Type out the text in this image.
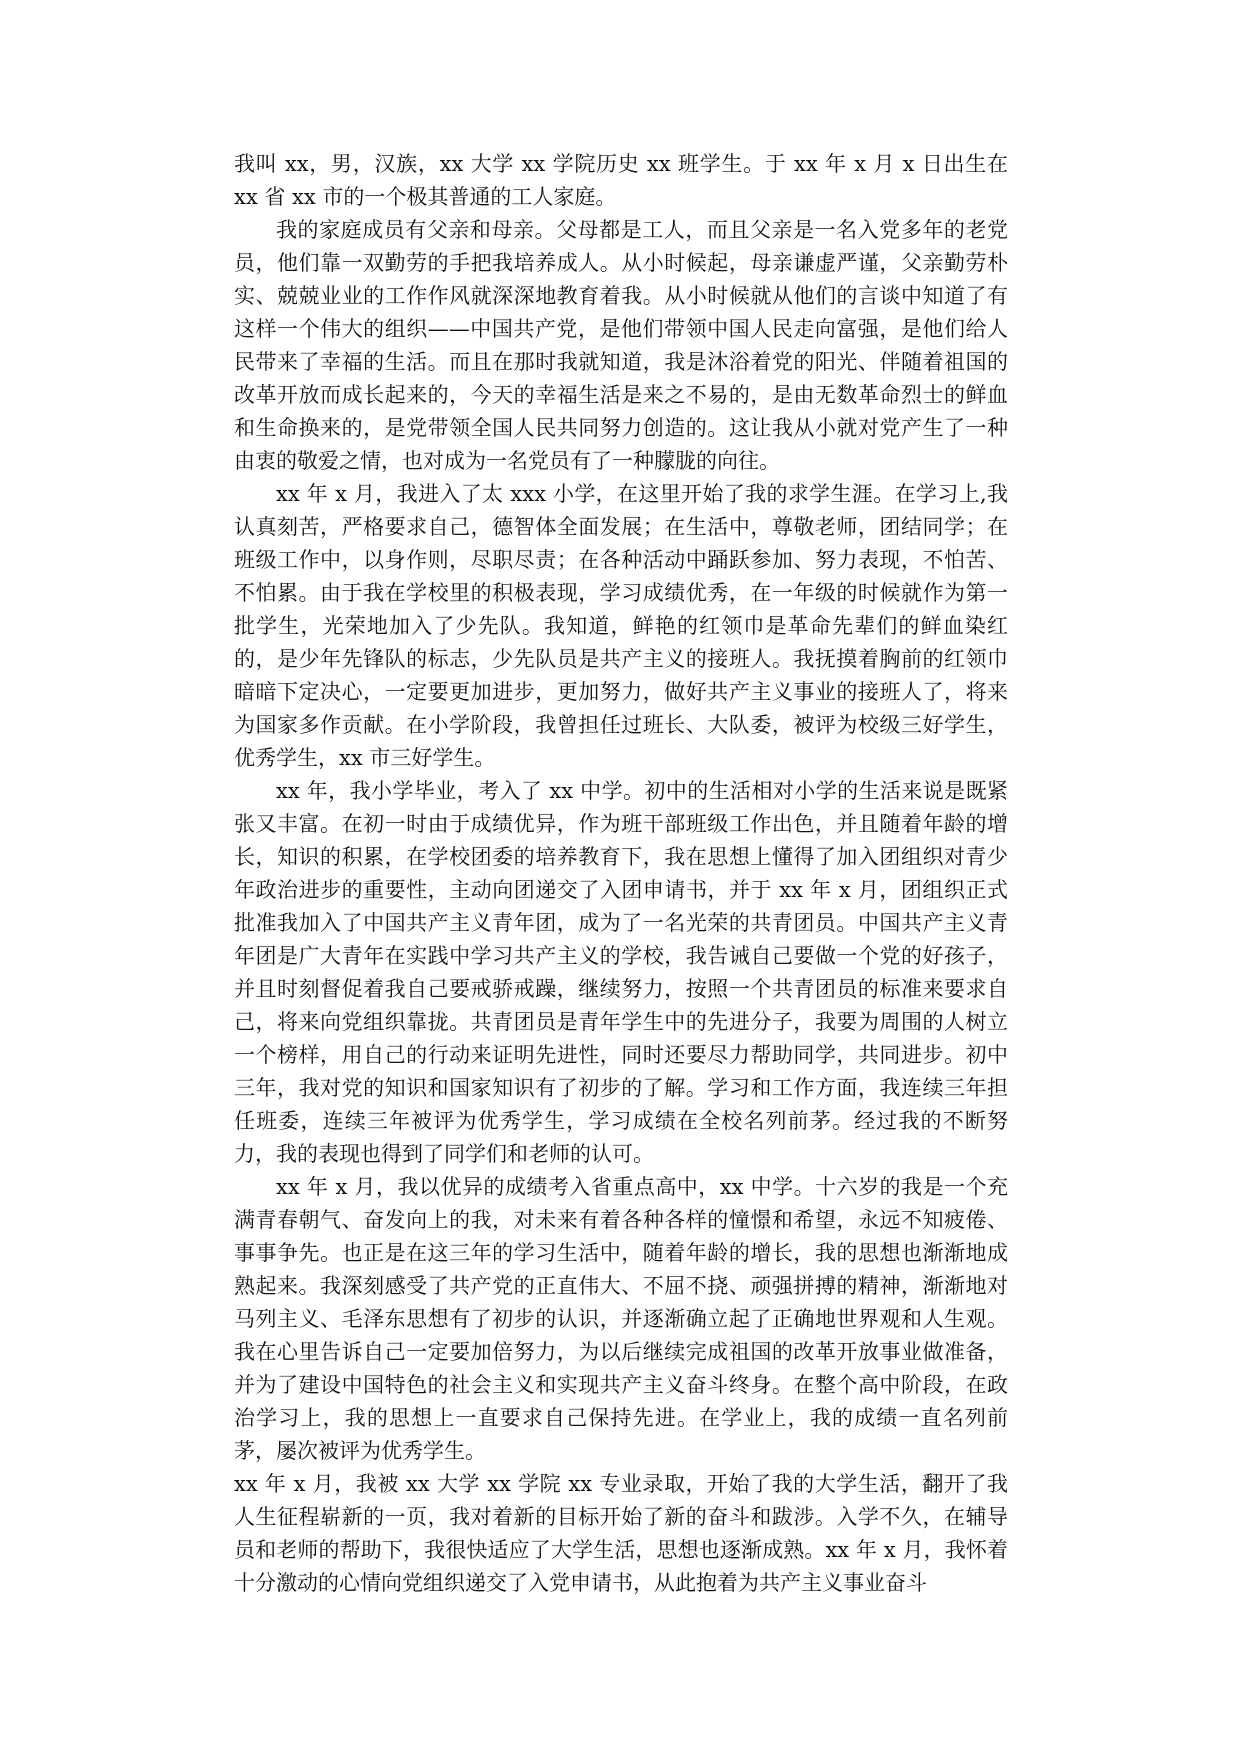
我叫 xx，男，汉族，xx 大学 xx 学院历史 xx 班学生。于 xx 年 x 月 x 日出生在 xx 省 xx 市的一个极其普通的工人家庭。

我的家庭成员有父亲和母亲。父母都是工人，而且父亲是一名入党多年的老党员，他们靠一双勤劳的手把我培养成人。从小时候起，母亲谦虚严谨，父亲勤劳朴实、兢兢业业的工作作风就深深地教育着我。从小时候就从他们的言谈中知道了有这样一个伟大的组织——中国共产党，是他们带领中国人民走向富强，是他们给人民带来了幸福的生活。而且在那时我就知道，我是沐浴着党的阳光、伴随着祖国的改革开放而成长起来的，今天的幸福生活是来之不易的，是由无数革命烈士的鲜血和生命换来的，是党带领全国人民共同努力创造的。这让我从小就对党产生了一种由衷的敬爱之情，也对成为一名党员有了一种朦胧的向往。

xx 年 x 月，我进入了太 xxx 小学，在这里开始了我的求学生涯。在学习上,我认真刻苦，严格要求自己，德智体全面发展；在生活中，尊敬老师，团结同学；在班级工作中，以身作则，尽职尽责；在各种活动中踊跃参加、努力表现，不怕苦、不怕累。由于我在学校里的积极表现，学习成绩优秀，在一年级的时候就作为第一批学生，光荣地加入了少先队。我知道，鲜艳的红领巾是革命先辈们的鲜血染红的，是少年先锋队的标志，少先队员是共产主义的接班人。我抚摸着胸前的红领巾暗暗下定决心，一定要更加进步，更加努力，做好共产主义事业的接班人了，将来为国家多作贡献。在小学阶段，我曾担任过班长、大队委，被评为校级三好学生，优秀学生，xx 市三好学生。

xx 年，我小学毕业，考入了 xx 中学。初中的生活相对小学的生活来说是既紧张又丰富。在初一时由于成绩优异，作为班干部班级工作出色，并且随着年龄的增长，知识的积累，在学校团委的培养教育下，我在思想上懂得了加入团组织对青少年政治进步的重要性，主动向团递交了入团申请书，并于 xx 年 x 月，团组织正式批准我加入了中国共产主义青年团，成为了一名光荣的共青团员。中国共产主义青年团是广大青年在实践中学习共产主义的学校，我告诫自己要做一个党的好孩子，并且时刻督促着我自己要戒骄戒躁，继续努力，按照一个共青团员的标准来要求自己，将来向党组织靠拢。共青团员是青年学生中的先进分子，我要为周围的人树立一个榜样，用自己的行动来证明先进性，同时还要尽力帮助同学，共同进步。初中三年，我对党的知识和国家知识有了初步的了解。学习和工作方面，我连续三年担任班委，连续三年被评为优秀学生，学习成绩在全校名列前茅。经过我的不断努力，我的表现也得到了同学们和老师的认可。

xx 年 x 月，我以优异的成绩考入省重点高中，xx 中学。十六岁的我是一个充满青春朝气、奋发向上的我，对未来有着各种各样的憧憬和希望，永远不知疲倦、事事争先。也正是在这三年的学习生活中，随着年龄的增长，我的思想也渐渐地成熟起来。我深刻感受了共产党的正直伟大、不屈不挠、顽强拼搏的精神，渐渐地对马列主义、毛泽东思想有了初步的认识，并逐渐确立起了正确地世界观和人生观。我在心里告诉自己一定要加倍努力，为以后继续完成祖国的改革开放事业做准备，并为了建设中国特色的社会主义和实现共产主义奋斗终身。在整个高中阶段，在政治学习上，我的思想上一直要求自己保持先进。在学业上，我的成绩一直名列前茅，屡次被评为优秀学生。

xx 年 x 月，我被 xx 大学 xx 学院 xx 专业录取，开始了我的大学生活，翻开了我人生征程崭新的一页，我对着新的目标开始了新的奋斗和跋涉。入学不久，在辅导员和老师的帮助下，我很快适应了大学生活，思想也逐渐成熟。xx 年 x 月，我怀着十分激动的心情向党组织递交了入党申请书，从此抱着为共产主义事业奋斗
